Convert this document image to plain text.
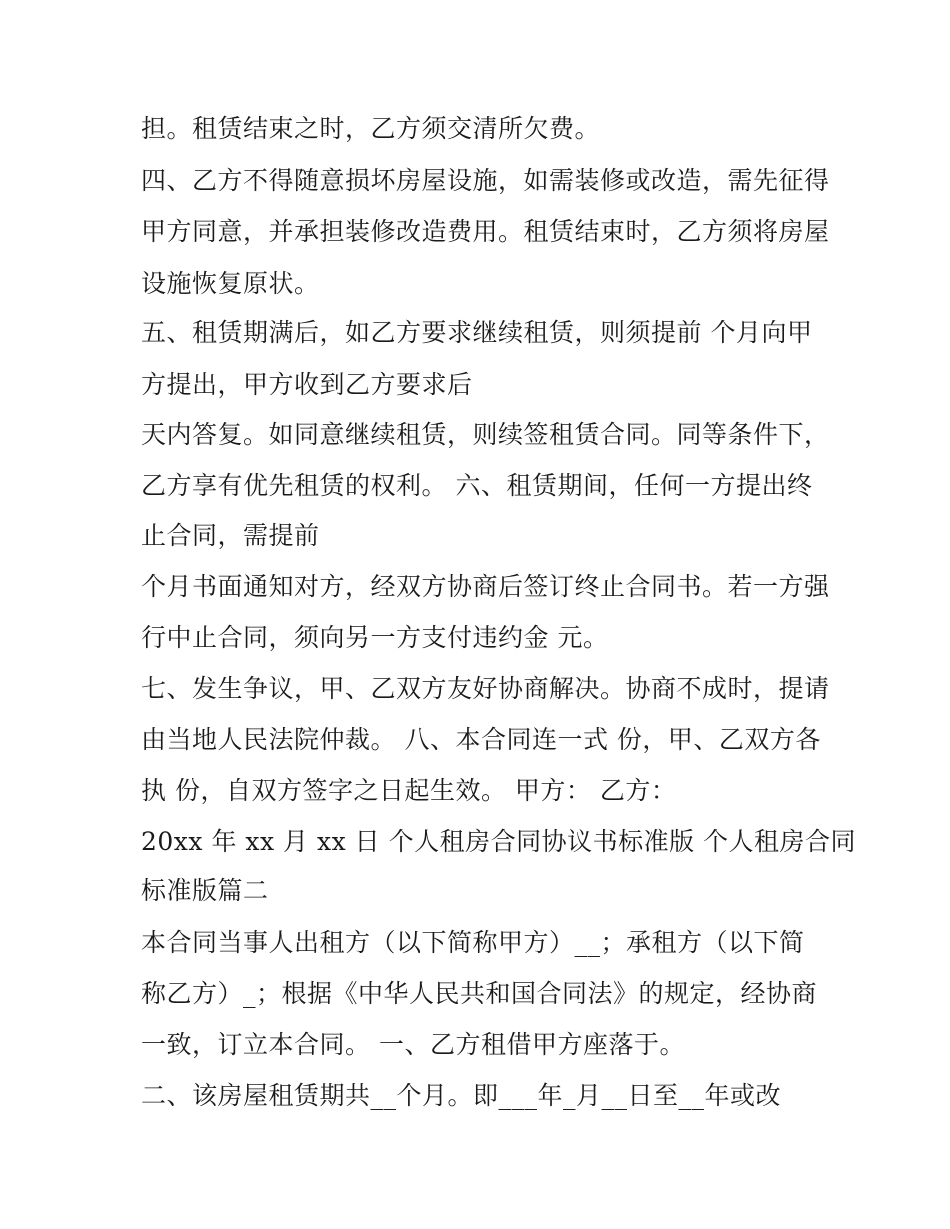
担。租赁结束之时，乙方须交清所欠费。
四、乙方不得随意损坏房屋设施，如需装修或改造，需先征得
甲方同意，并承担装修改造费用。租赁结束时，乙方须将房屋
设施恢复原状。
五、租赁期满后，如乙方要求继续租赁，则须提前 个月向甲
方提出，甲方收到乙方要求后
天内答复。如同意继续租赁，则续签租赁合同。同等条件下，
乙方享有优先租赁的权利。 六、租赁期间，任何一方提出终
止合同，需提前
个月书面通知对方，经双方协商后签订终止合同书。若一方强
行中止合同，须向另一方支付违约金 元。
七、发生争议，甲、乙双方友好协商解决。协商不成时，提请
由当地人民法院仲裁。 八、本合同连一式 份，甲、乙双方各
执 份，自双方签字之日起生效。 甲方： 乙方：
20xx 年 xx 月 xx 日 个人租房合同协议书标准版 个人租房合同
标准版篇二
本合同当事人出租方（以下简称甲方）__；承租方（以下简
称乙方）_；根据《中华人民共和国合同法》的规定，经协商
一致，订立本合同。 一、乙方租借甲方座落于。
二、该房屋租赁期共__个月。即___年_月__日至__年或改
